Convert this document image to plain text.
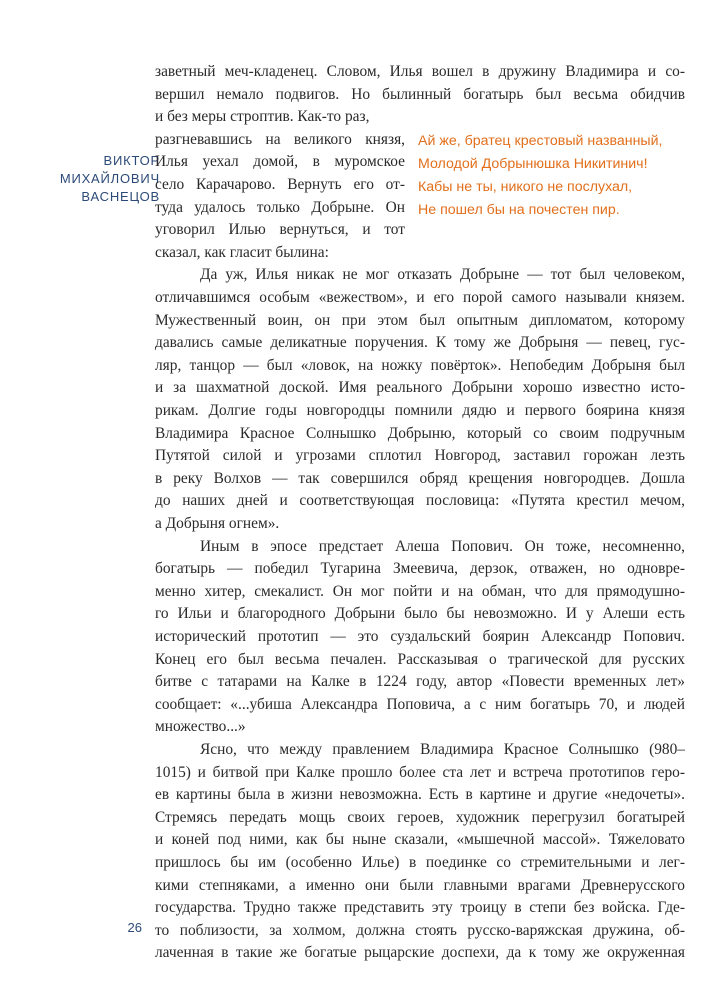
ВИКТОР
МИХАЙЛОВИЧ
ВАСНЕЦОВ
26
Ай же, братец крестовый названный,
Молодой Добрынюшка Никитинич!
Кабы не ты, никого не послухал,
Не пошел бы на почестен пир.
заветный меч-кладенец. Словом, Илья вошел в дружину Владимира и со-
вершил немало подвигов. Но былинный богатырь был весьма обидчив
и без меры строптив. Как-то раз,
разгневавшись на великого князя,
Илья уехал домой, в муромское
село Карачарово. Вернуть его от-
туда удалось только Добрыне. Он
уговорил Илью вернуться, и тот
сказал, как гласит былина:
Да уж, Илья никак не мог отказать Добрыне — тот был человеком,
отличавшимся особым «вежеством», и его порой самого называли князем.
Мужественный воин, он при этом был опытным дипломатом, которому
давались самые деликатные поручения. К тому же Добрыня — певец, гус-
ляр, танцор — был «ловок, на ножку повёрток». Непобедим Добрыня был
и за шахматной доской. Имя реального Добрыни хорошо известно исто-
рикам. Долгие годы новгородцы помнили дядю и первого боярина князя
Владимира Красное Солнышко Добрыню, который со своим подручным
Путятой силой и угрозами сплотил Новгород, заставил горожан лезть
в реку Волхов — так совершился обряд крещения новгородцев. Дошла
до наших дней и соответствующая пословица: «Путята крестил мечом,
а Добрыня огнем».
Иным в эпосе предстает Алеша Попович. Он тоже, несомненно,
богатырь — победил Тугарина Змеевича, дерзок, отважен, но одновре-
менно хитер, смекалист. Он мог пойти и на обман, что для прямодушно-
го Ильи и благородного Добрыни было бы невозможно. И у Алеши есть
исторический прототип — это суздальский боярин Александр Попович.
Конец его был весьма печален. Рассказывая о трагической для русских
битве с татарами на Калке в 1224 году, автор «Повести временных лет»
сообщает: «...убиша Александра Поповича, а с ним богатырь 70, и людей
множество...»
Ясно, что между правлением Владимира Красное Солнышко (980–
1015) и битвой при Калке прошло более ста лет и встреча прототипов геро-
ев картины была в жизни невозможна. Есть в картине и другие «недочеты».
Стремясь передать мощь своих героев, художник перегрузил богатырей
и коней под ними, как бы ныне сказали, «мышечной массой». Тяжеловато
пришлось бы им (особенно Илье) в поединке со стремительными и лег-
кими степняками, а именно они были главными врагами Древнерусского
государства. Трудно также представить эту троицу в степи без войска. Где-
то поблизости, за холмом, должна стоять русско-варяжская дружина, об-
лаченная в такие же богатые рыцарские доспехи, да к тому же окруженная
